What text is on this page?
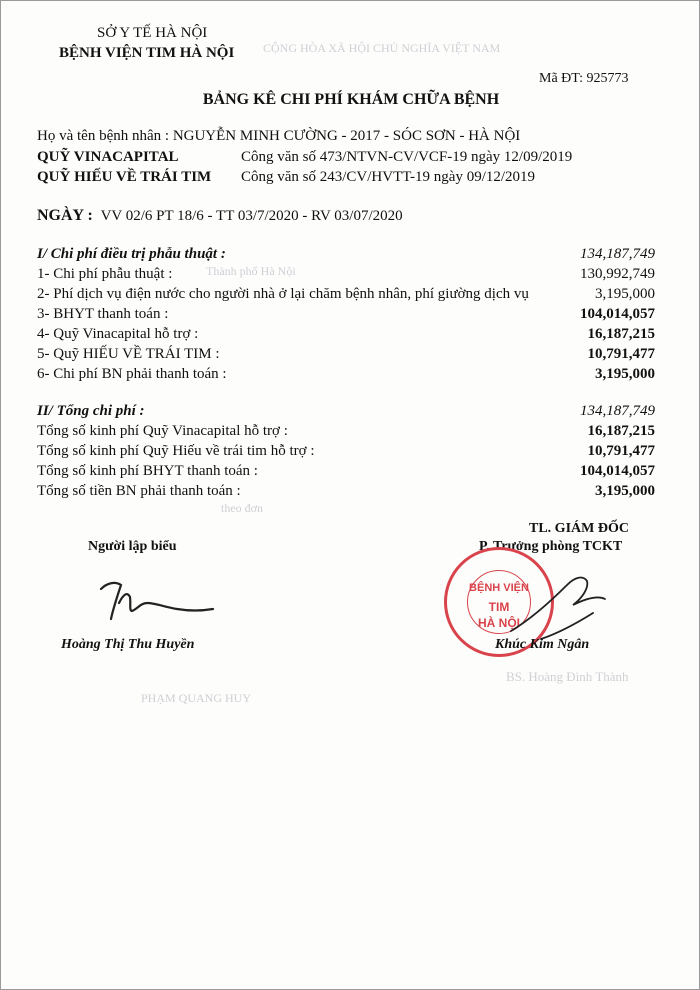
CỘNG HÒA XÃ HỘI CHỦ NGHĨA VIỆT NAM
Thành phố Hà Nội
theo đơn
PHẠM QUANG HUY
BS. Hoàng Đình Thành
SỞ Y TẾ HÀ NỘI
BỆNH VIỆN TIM HÀ NỘI
Mã ĐT: 925773
BẢNG KÊ CHI PHÍ KHÁM CHỮA BỆNH
Họ và tên bệnh nhân : NGUYỄN MINH CƯỜNG - 2017 - SÓC SƠN - HÀ NỘI
QUỸ VINACAPITAL	Công văn số 473/NTVN-CV/VCF-19 ngày 12/09/2019
QUỸ HIẾU VỀ TRÁI TIM Công văn số 243/CV/HVTT-19 ngày 09/12/2019
NGÀY : VV 02/6 PT 18/6 - TT 03/7/2020 - RV 03/07/2020
I/ Chi phí điều trị phẫu thuật :	134,187,749
1- Chi phí phẫu thuật :	130,992,749
2- Phí dịch vụ điện nước cho người nhà ở lại chăm bệnh nhân, phí giường dịch vụ	3,195,000
3- BHYT thanh toán :	104,014,057
4- Quỹ Vinacapital hỗ trợ :	16,187,215
5- Quỹ HIẾU VỀ TRÁI TIM :	10,791,477
6- Chi phí BN phải thanh toán :	3,195,000
II/ Tổng chi phí :	134,187,749
Tổng số kinh phí Quỹ Vinacapital hỗ trợ :	16,187,215
Tổng số kinh phí Quỹ Hiếu về trái tim hỗ trợ :	10,791,477
Tổng số kinh phí BHYT thanh toán :	104,014,057
Tổng số tiền BN phải thanh toán :	3,195,000
TL. GIÁM ĐỐC
Người lập biểu	P. Trưởng phòng TCKT
Hoàng Thị Thu Huyền
BỆNH VIỆN
TIM
HÀ NỘI
Khúc Kim Ngân
